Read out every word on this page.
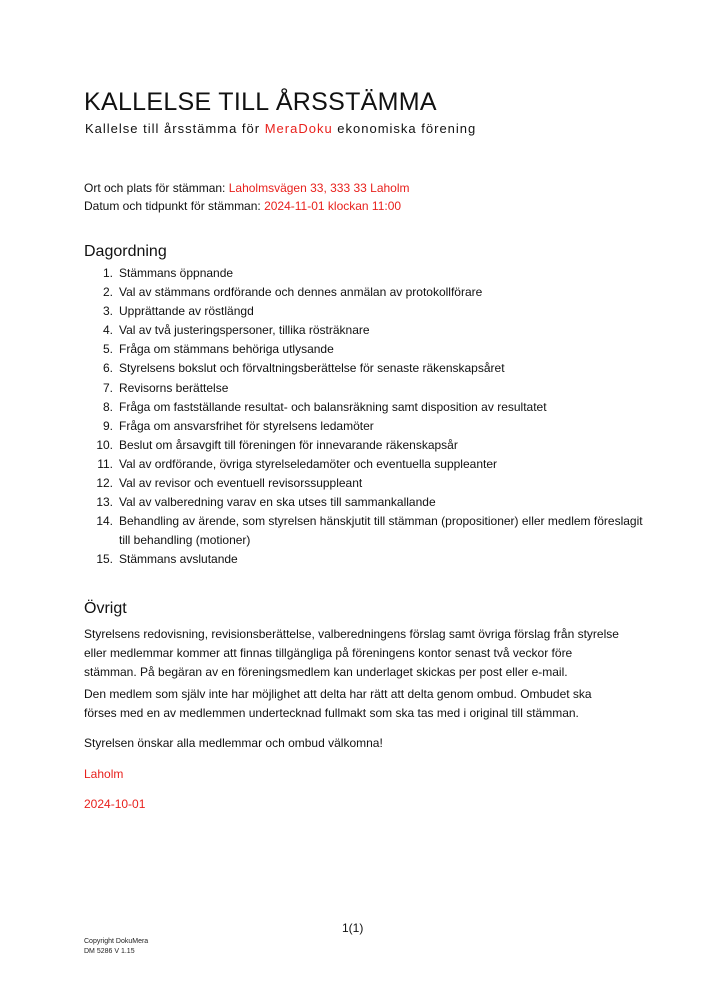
KALLELSE TILL ÅRSSTÄMMA

Kallelse till årsstämma för MeraDoku ekonomiska förening

Ort och plats för stämman: Laholmsvägen 33, 333 33 Laholm
Datum och tidpunkt för stämman: 2024-11-01 klockan 11:00
Dagordning
1. Stämmans öppnande
2. Val av stämmans ordförande och dennes anmälan av protokollförare
3. Upprättande av röstlängd
4. Val av två justeringspersoner, tillika rösträknare
5. Fråga om stämmans behöriga utlysande
6. Styrelsens bokslut och förvaltningsberättelse för senaste räkenskapsåret
7. Revisorns berättelse
8. Fråga om fastställande resultat- och balansräkning samt disposition av resultatet
9. Fråga om ansvarsfrihet för styrelsens ledamöter
10. Beslut om årsavgift till föreningen för innevarande räkenskapsår
11. Val av ordförande, övriga styrelseledamöter och eventuella suppleanter
12. Val av revisor och eventuell revisorssuppleant
13. Val av valberedning varav en ska utses till sammankallande
14. Behandling av ärende, som styrelsen hänskjutit till stämman (propositioner) eller medlem föreslagit till behandling (motioner)
15. Stämmans avslutande
Övrigt

Styrelsens redovisning, revisionsberättelse, valberedningens förslag samt övriga förslag från styrelse eller medlemmar kommer att finnas tillgängliga på föreningens kontor senast två veckor före stämman. På begäran av en föreningsmedlem kan underlaget skickas per post eller e-mail.

Den medlem som själv inte har möjlighet att delta har rätt att delta genom ombud. Ombudet ska förses med en av medlemmen undertecknad fullmakt som ska tas med i original till stämman.

Styrelsen önskar alla medlemmar och ombud välkomna!

Laholm

2024-10-01

1(1)
Copyright DokuMera
DM 5286 V 1.15
